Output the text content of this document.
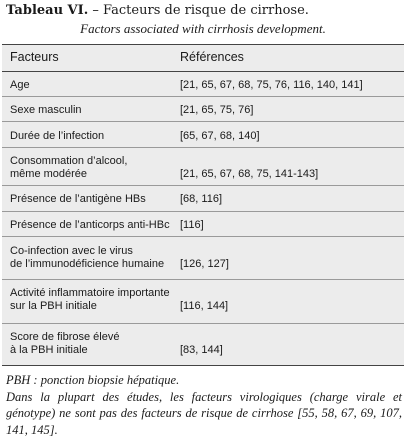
Tableau VI. – Facteurs de risque de cirrhose.
Factors associated with cirrhosis development.
Facteurs	Références
Age	[21, 65, 67, 68, 75, 76, 116, 140, 141]
Sexe masculin	[21, 65, 75, 76]
Durée de l’infection	[65, 67, 68, 140]
Consommation d’alcool,
même modérée	[21, 65, 67, 68, 75, 141-143]
Présence de l’antigène HBs	[68, 116]
Présence de l’anticorps anti-HBc [116]
Co-infection avec le virus
de l’immunodéficience humaine	[126, 127]
Activité inflammatoire importante
sur la PBH initiale	[116, 144]
Score de fibrose élevé
à la PBH initiale	[83, 144]

PBH : ponction biopsie hépatique.

Dans la plupart des études, les facteurs virologiques (charge virale et génotype) ne sont pas des facteurs de risque de cirrhose [55, 58, 67, 69, 107, 141, 145].
